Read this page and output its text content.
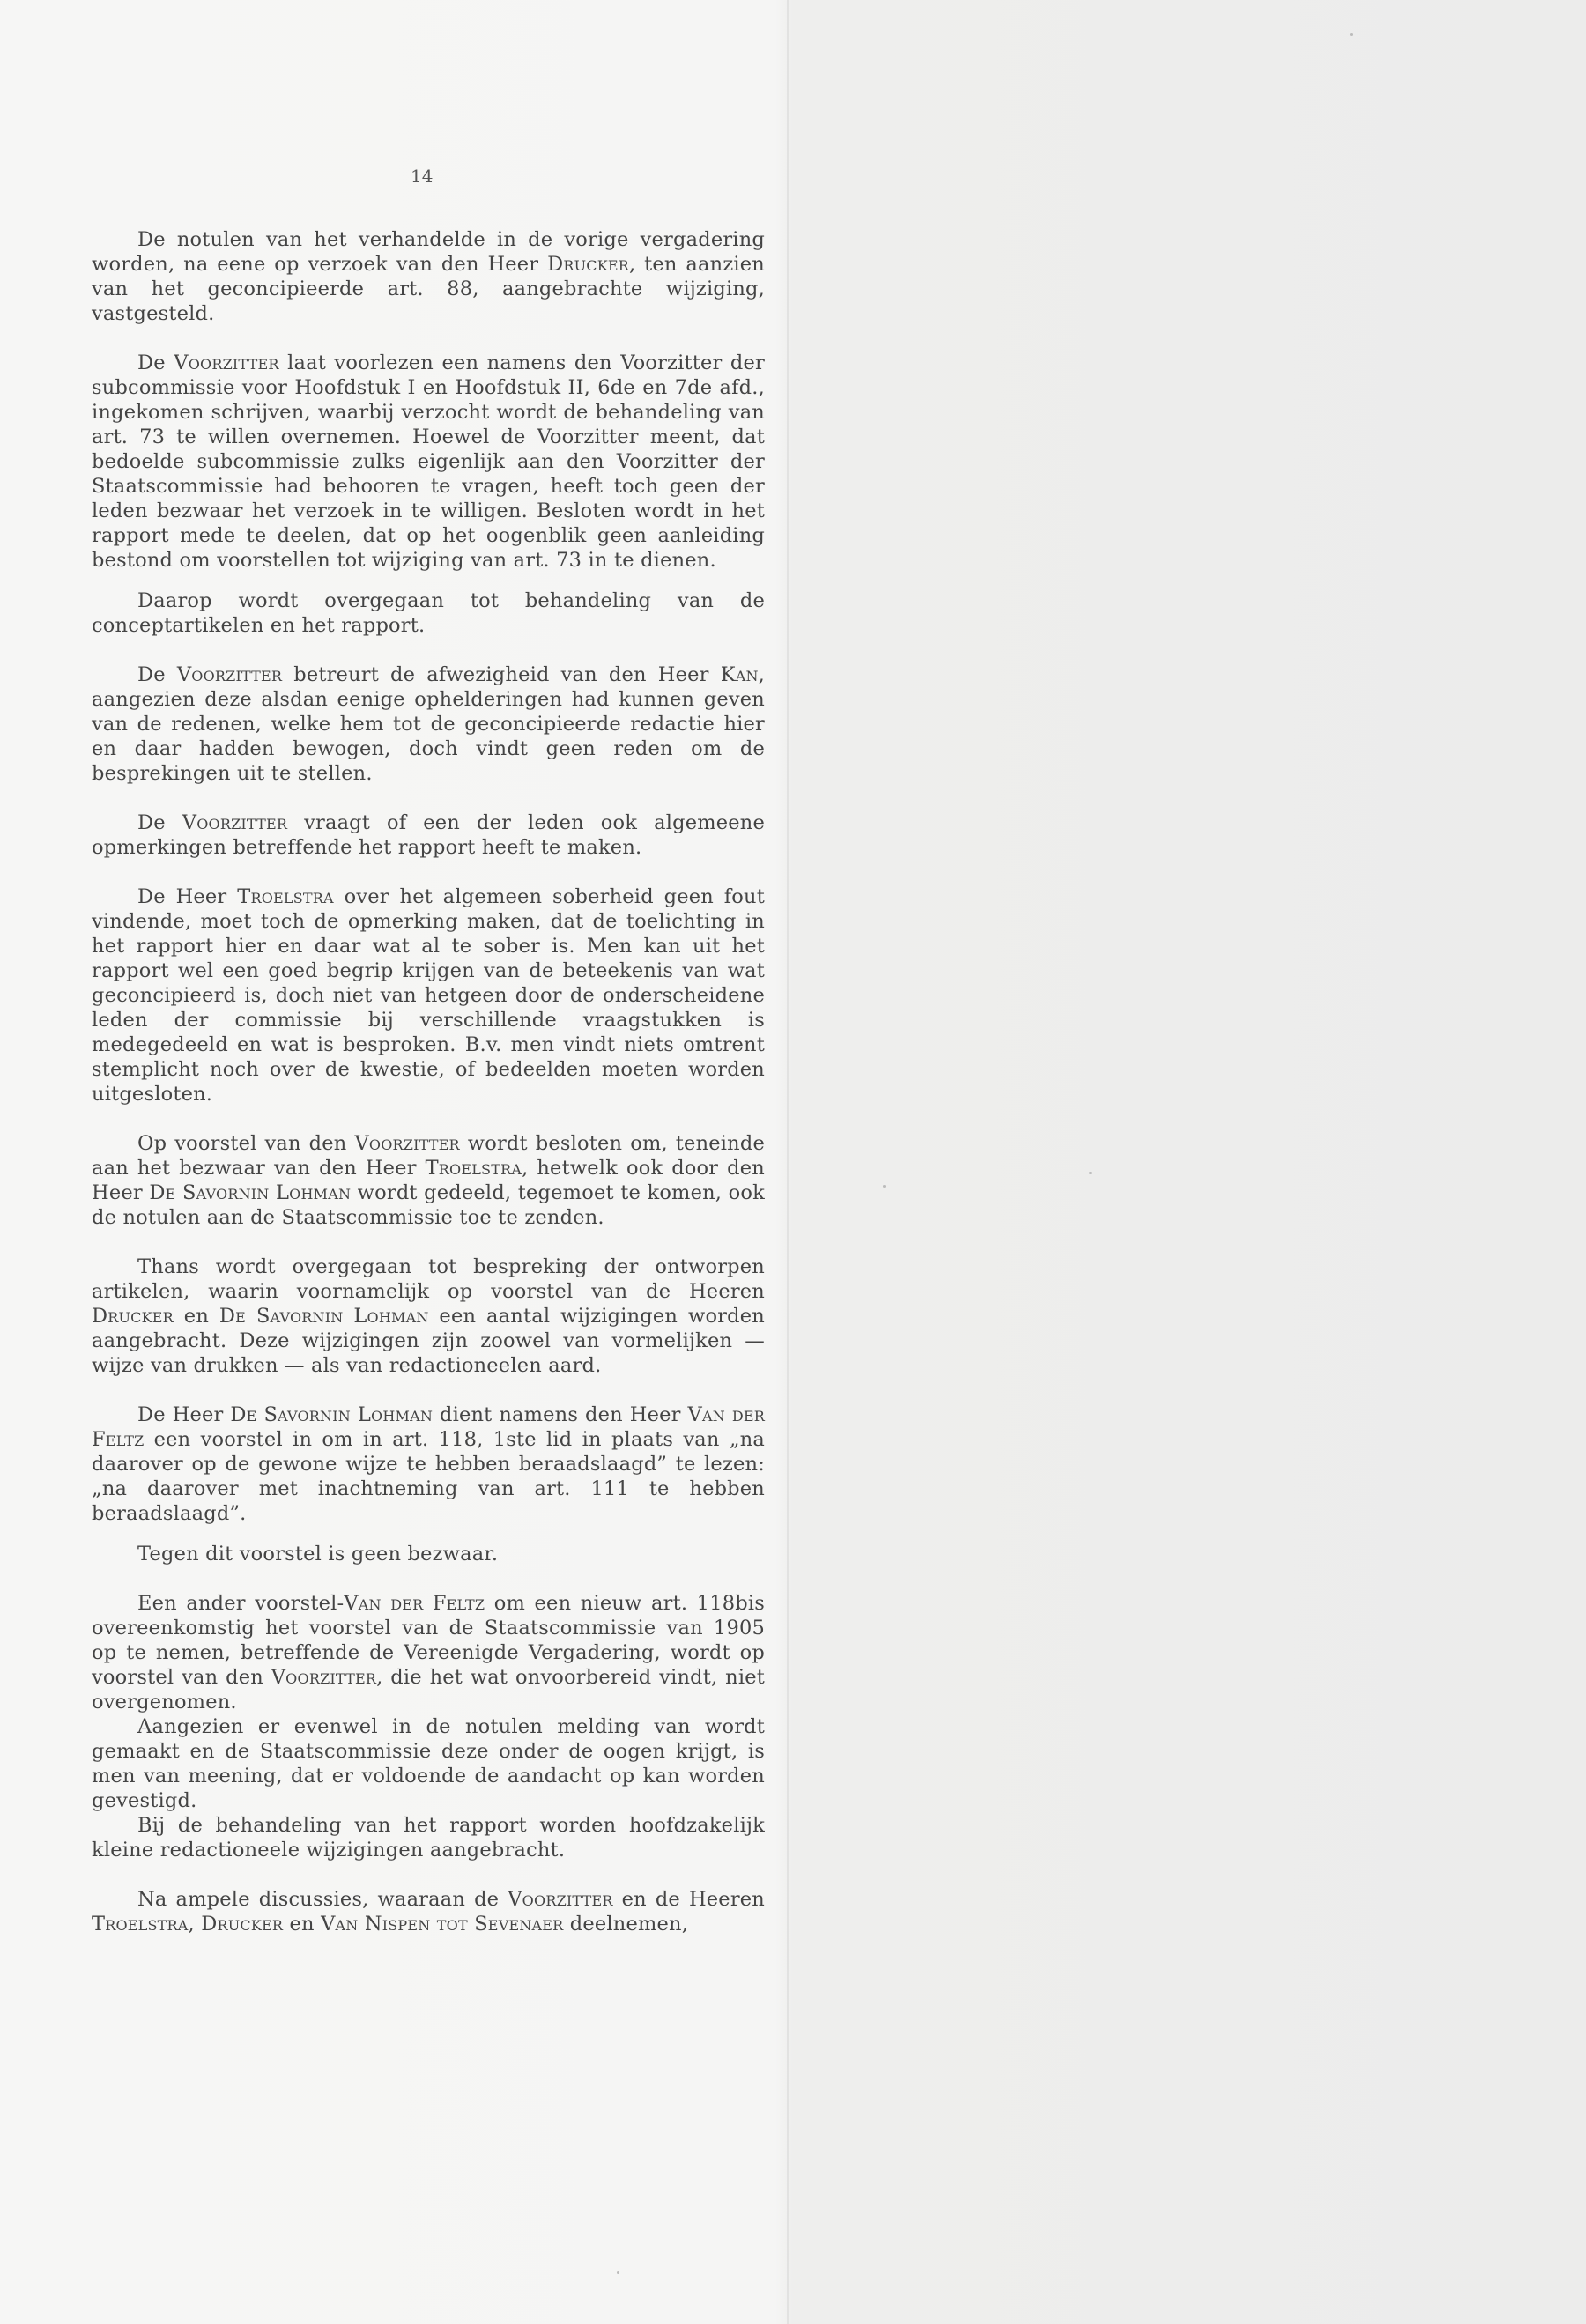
14

De notulen van het verhandelde in de vorige vergadering worden, na eene op verzoek van den Heer Drucker, ten aanzien van het geconcipieerde art. 88, aangebrachte wijziging, vastgesteld.

De Voorzitter laat voorlezen een namens den Voorzitter der subcommissie voor Hoofdstuk I en Hoofdstuk II, 6de en 7de afd., ingekomen schrijven, waarbij verzocht wordt de behandeling van art. 73 te willen overnemen. Hoewel de Voorzitter meent, dat bedoelde subcommissie zulks eigenlijk aan den Voorzitter der Staatscommissie had behooren te vragen, heeft toch geen der leden bezwaar het verzoek in te willigen. Besloten wordt in het rapport mede te deelen, dat op het oogenblik geen aanleiding bestond om voorstellen tot wijziging van art. 73 in te dienen.

Daarop wordt overgegaan tot behandeling van de conceptartikelen en het rapport.

De Voorzitter betreurt de afwezigheid van den Heer Kan, aangezien deze alsdan eenige ophelderingen had kunnen geven van de redenen, welke hem tot de geconcipieerde redactie hier en daar hadden bewogen, doch vindt geen reden om de besprekingen uit te stellen.

De Voorzitter vraagt of een der leden ook algemeene opmerkingen betreffende het rapport heeft te maken.

De Heer Troelstra over het algemeen soberheid geen fout vindende, moet toch de opmerking maken, dat de toelichting in het rapport hier en daar wat al te sober is. Men kan uit het rapport wel een goed begrip krijgen van de beteekenis van wat geconcipieerd is, doch niet van hetgeen door de onderscheidene leden der commissie bij verschillende vraagstukken is medegedeeld en wat is besproken. B.v. men vindt niets omtrent stemplicht noch over de kwestie, of bedeelden moeten worden uitgesloten.

Op voorstel van den Voorzitter wordt besloten om, teneinde aan het bezwaar van den Heer Troelstra, hetwelk ook door den Heer De Savornin Lohman wordt gedeeld, tegemoet te komen, ook de notulen aan de Staatscommissie toe te zenden.

Thans wordt overgegaan tot bespreking der ontworpen artikelen, waarin voornamelijk op voorstel van de Heeren Drucker en De Savornin Lohman een aantal wijzigingen worden aangebracht. Deze wijzigingen zijn zoowel van vormelijken — wijze van drukken — als van redactioneelen aard.

De Heer De Savornin Lohman dient namens den Heer Van der Feltz een voorstel in om in art. 118, 1ste lid in plaats van „na daarover op de gewone wijze te hebben beraadslaagd” te lezen: „na daarover met inachtneming van art. 111 te hebben beraadslaagd”.

Tegen dit voorstel is geen bezwaar.

Een ander voorstel-Van der Feltz om een nieuw art. 118bis overeenkomstig het voorstel van de Staatscommissie van 1905 op te nemen, betreffende de Vereenigde Vergadering, wordt op voorstel van den Voorzitter, die het wat onvoorbereid vindt, niet overgenomen.

Aangezien er evenwel in de notulen melding van wordt gemaakt en de Staatscommissie deze onder de oogen krijgt, is men van meening, dat er voldoende de aandacht op kan worden gevestigd.

Bij de behandeling van het rapport worden hoofdzakelijk kleine redactioneele wijzigingen aangebracht.

Na ampele discussies, waaraan de Voorzitter en de Heeren Troelstra, Drucker en Van Nispen tot Sevenaer deelnemen,
